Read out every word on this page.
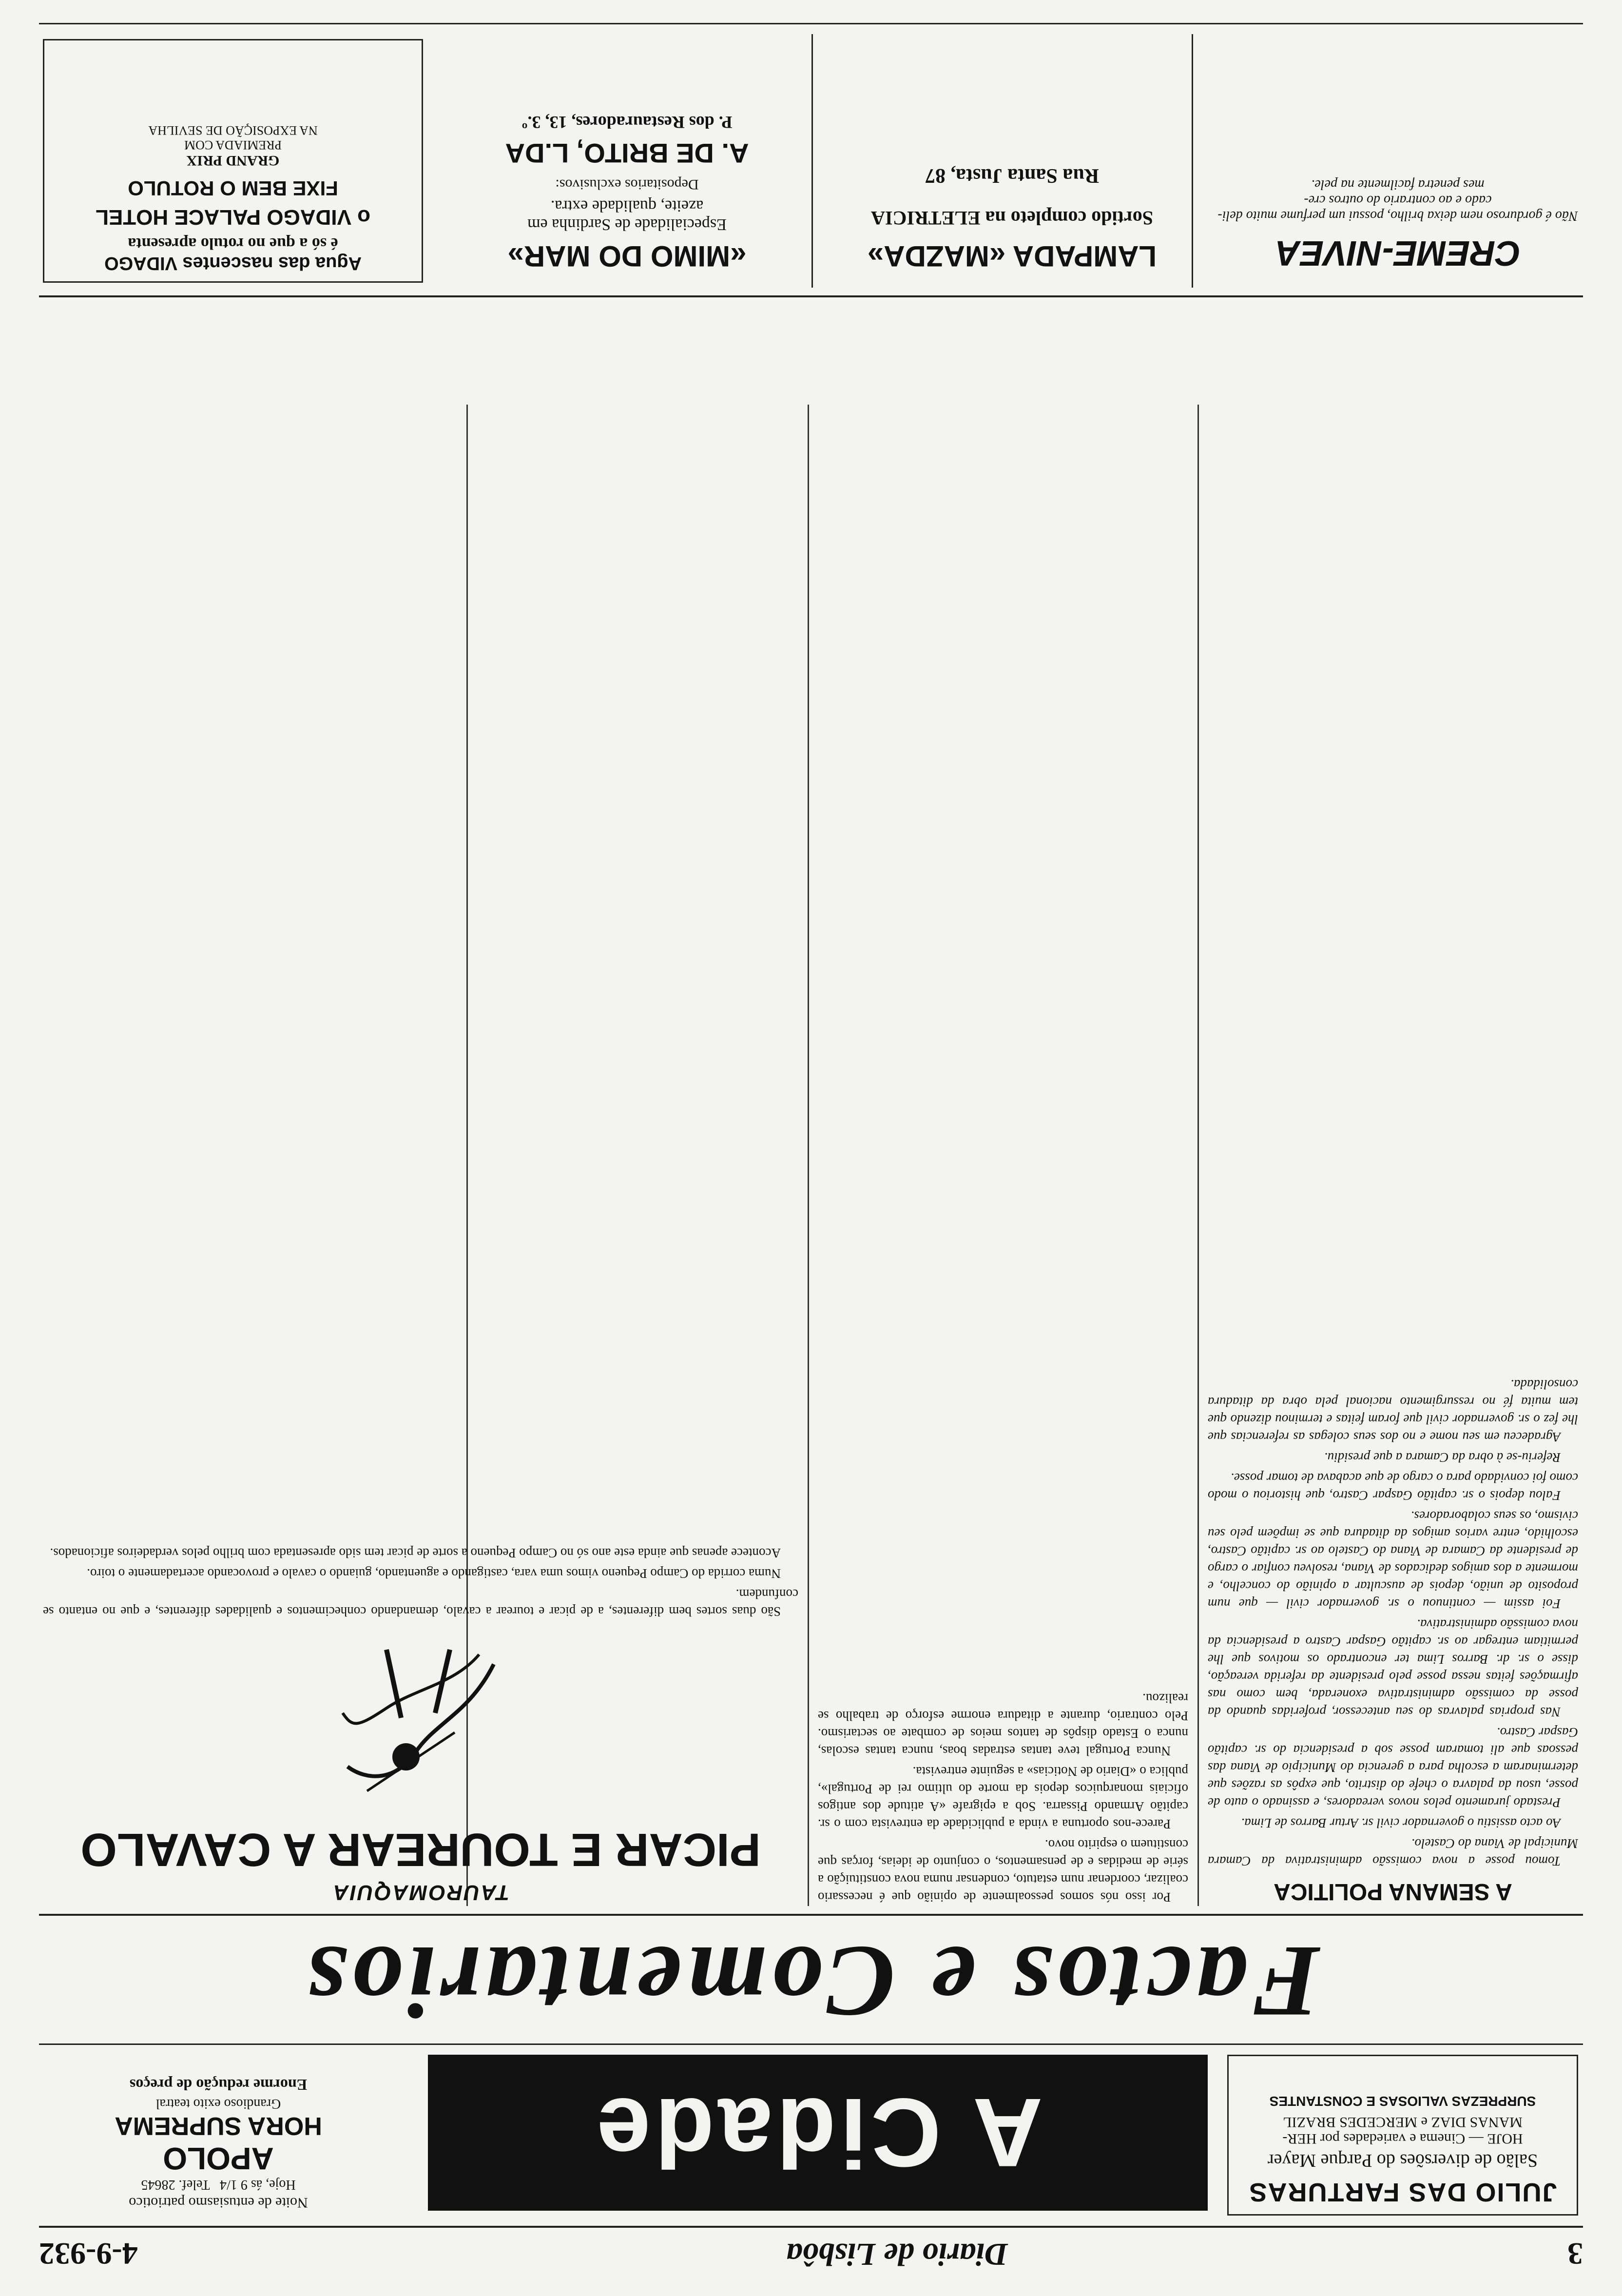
3
Diario de Lisbôa
4-9-932
JULIO DAS FARTURAS
Salão de diversões do Parque Mayer
HOJE — Cinema e variedades por HER-
MANAS DIAZ e MERCEDES BRAZIL
SURPREZAS VALIOSAS E CONSTANTES
A Cidade
Noite de entusiasmo patriotico
Hoje, ás 9 1/4   Telef. 28645
APOLO
HORA SUPREMA
Grandioso exito teatral
Enorme redução de preços
Factos e Comentarios
A SEMANA POLITICA

Tomou posse a nova comissão administrativa da Camara Municipal de Viana do Castelo.

Ao acto assistiu o governador civil sr. Artur Barros de Lima.

Prestado juramento pelos novos vereadores, e assinado o auto de posse, usou da palavra o chefe do distrito, que expôs as razões que determinaram a escolha para a gerencia do Municipio de Viana das pessoas que ali tomaram posse sob a presidencia do sr. capitão Gaspar Castro.

Nas proprias palavras do seu antecessor, proferidas quando da posse da comissão administrativa exonerada, bem como nas afirmações feitas nessa posse pelo presidente da referida vereação, disse o sr. dr. Barros Lima ter encontrado os motivos que lhe permitiam entregar ao sr. capitão Gaspar Castro a presidencia da nova comissão administrativa.

Foi assim — continuou o sr. governador civil — que num proposito de união, depois de auscultar a opinião do concelho, e mormente a dos amigos dedicados de Viana, resolveu confiar o cargo de presidente da Camara de Viana do Castelo ao sr. capitão Castro, escolhido, entre varios amigos da ditadura que se impõem pelo seu civismo, os seus colaboradores.

Falou depois o sr. capitão Gaspar Castro, que historiou o modo como foi convidado para o cargo de que acabava de tomar posse.

Referiu-se à obra da Camara a que presidiu.

Agradeceu em seu nome e no dos seus colegas as referencias que lhe fez o sr. governador civil que foram feitas e terminou dizendo que tem muita fé no ressurgimento nacional pela obra da ditadura consolidada.

Por isso nós somos pessoalmente de opinião que é necessario coalizar, coordenar num estatuto, condensar numa nova constituição a série de medidas e de pensamentos, o conjunto de ideias, forças que constituem o espirito novo.

Parece-nos oportuna a vinda a publicidade da entrevista com o sr. capitão Armando Pissarra. Sob a epigrafe «A atitude dos antigos oficiais monarquicos depois da morte do ultimo rei de Portugal», publica o «Diario de Noticias» a seguinte entrevista.

Nunca Portugal teve tantas estradas boas, nunca tantas escolas, nunca o Estado dispôs de tantos meios de combate ao sectarismo. Pelo contrario, durante a ditadura enorme esforço de trabalho se realizou.

TAUROMAQUIA
PICAR E TOUREAR A CAVALO

São duas sortes bem diferentes, a de picar e tourear a cavalo, demandando conhecimentos e qualidades diferentes, e que no entanto se confundem.

Numa corrida do Campo Pequeno vimos uma vara, castigando e aguentando, guiando o cavalo e provocando acertadamente o toiro.

Acontece apenas que ainda este ano só no Campo Pequeno a sorte de picar tem sido apresentada com brilho pelos verdadeiros aficionados.

CREME-NIVEA
Não é gorduroso nem deixa brilho, possui um perfume muito deli-
cado e ao contrario do outros cre-
mes penetra facilmente na pele.
LAMPADA «MAZDA»
Sortido completo na ELETRICIA
Rua Santa Justa, 87
«MIMO DO MAR»
Especialidade de Sardinha em
azeite, qualidade extra.
Depositarios exclusivos:
A. DE BRITO, L.DA
P. dos Restauradores, 13, 3.º
Agua das nascentes VIDAGO
é só a que no rotulo apresenta
o VIDAGO PALACE HOTEL
FIXE BEM O ROTULO
GRAND PRIX
PREMIADA COM
NA EXPOSIÇÃO DE SEVILHA
